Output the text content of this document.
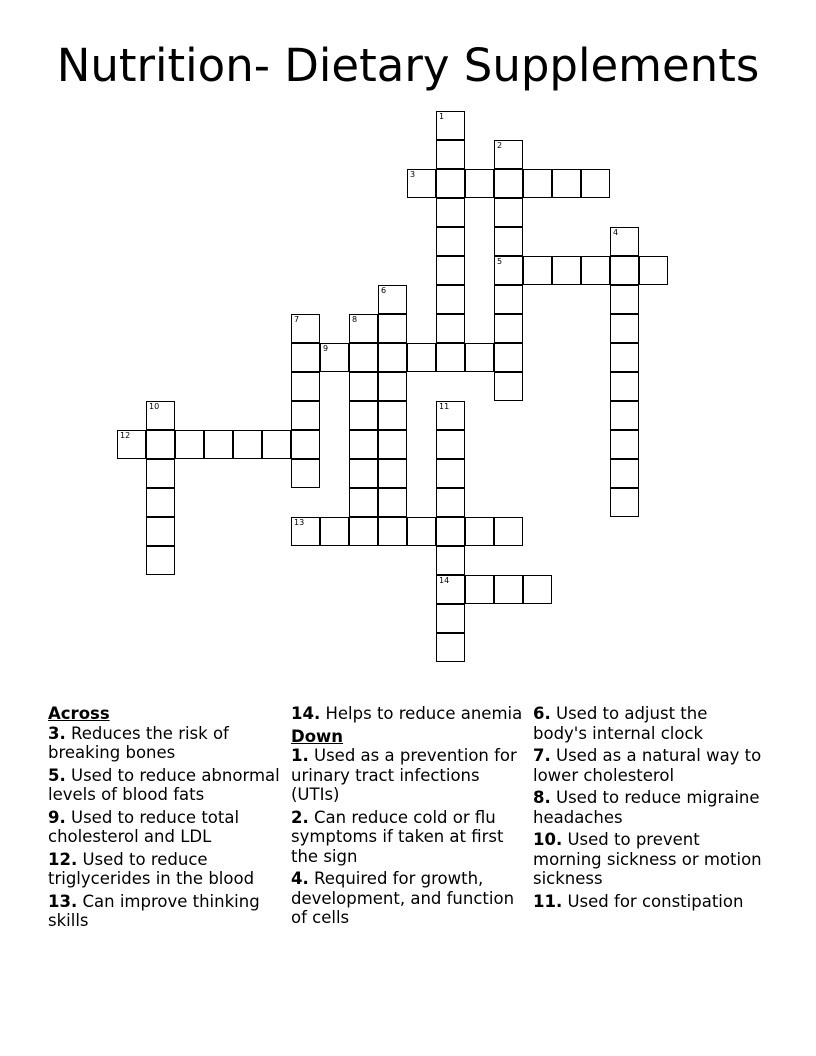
Nutrition- Dietary Supplements
1
2
5
3
4
6
7	8
9
10	11
14
12
13
Across
3. Reduces the risk of breaking bones
5. Used to reduce abnormal levels of blood fats
9. Used to reduce total cholesterol and LDL
12. Used to reduce triglycerides in the blood
13. Can improve thinking skills
14. Helps to reduce anemia
Down
1. Used as a prevention for urinary tract infections (UTIs)
2. Can reduce cold or flu symptoms if taken at first the sign
4. Required for growth, development, and function of cells
6. Used to adjust the body's internal clock
7. Used as a natural way to lower cholesterol
8. Used to reduce migraine headaches
10. Used to prevent morning sickness or motion sickness
11. Used for constipation
